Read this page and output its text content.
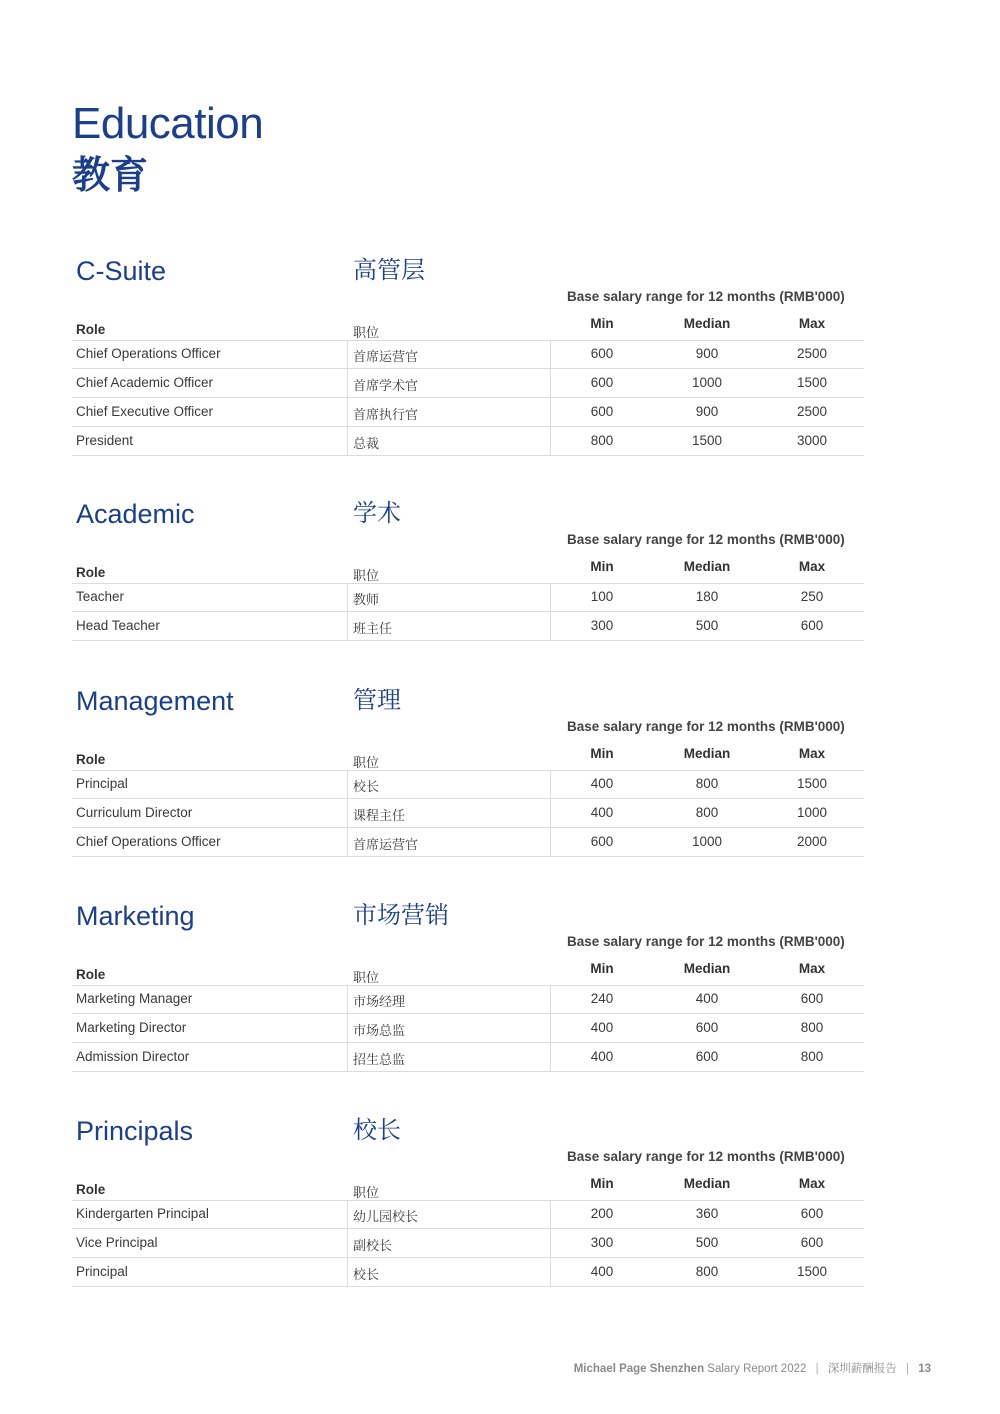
Education
教育
C-Suite	高管层
Base salary range for 12 months (RMB'000)
Role	职位
Min	Median	Max
Chief Operations Officer	首席运营官	600	900	2500
Chief Academic Officer	首席学术官	600	1000	1500
Chief Executive Officer	首席执行官	600	900	2500
President	总裁	800	1500	3000
Academic	学术
Base salary range for 12 months (RMB'000)
Role	职位
Min	Median	Max
Teacher	教师	100	180	250
Head Teacher	班主任	300	500	600
Management	管理
Base salary range for 12 months (RMB'000)
Role	职位
Min	Median	Max
Principal	校长	400	800	1500
Curriculum Director	课程主任	400	800	1000
Chief Operations Officer	首席运营官	600	1000	2000
Marketing	市场营销
Base salary range for 12 months (RMB'000)
Role	职位
Min	Median	Max
Marketing Manager	市场经理	240	400	600
Marketing Director	市场总监	400	600	800
Admission Director	招生总监	400	600	800
Principals	校长
Base salary range for 12 months (RMB'000)
Role	职位
Min	Median	Max
Kindergarten Principal	幼儿园校长	200	360	600
Vice Principal	副校长	300	500	600
Principal	校长	400	800	1500
Michael Page Shenzhen Salary Report 2022 | 深圳薪酬报告 | 13
